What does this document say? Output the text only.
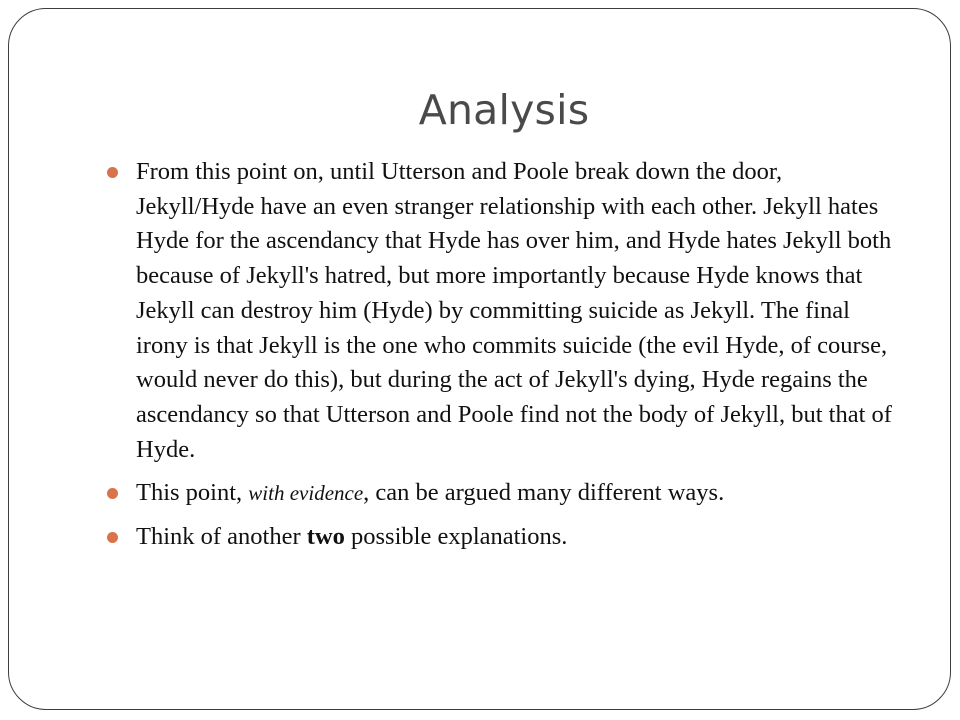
Analysis
From this point on, until Utterson and Poole break down the door, Jekyll/Hyde have an even stranger relationship with each other. Jekyll hates Hyde for the ascendancy that Hyde has over him, and Hyde hates Jekyll both because of Jekyll's hatred, but more importantly because Hyde knows that Jekyll can destroy him (Hyde) by committing suicide as Jekyll. The final irony is that Jekyll is the one who commits suicide (the evil Hyde, of course, would never do this), but during the act of Jekyll's dying, Hyde regains the ascendancy so that Utterson and Poole find not the body of Jekyll, but that of Hyde.
This point, with evidence, can be argued many different ways.
Think of another two possible explanations.
